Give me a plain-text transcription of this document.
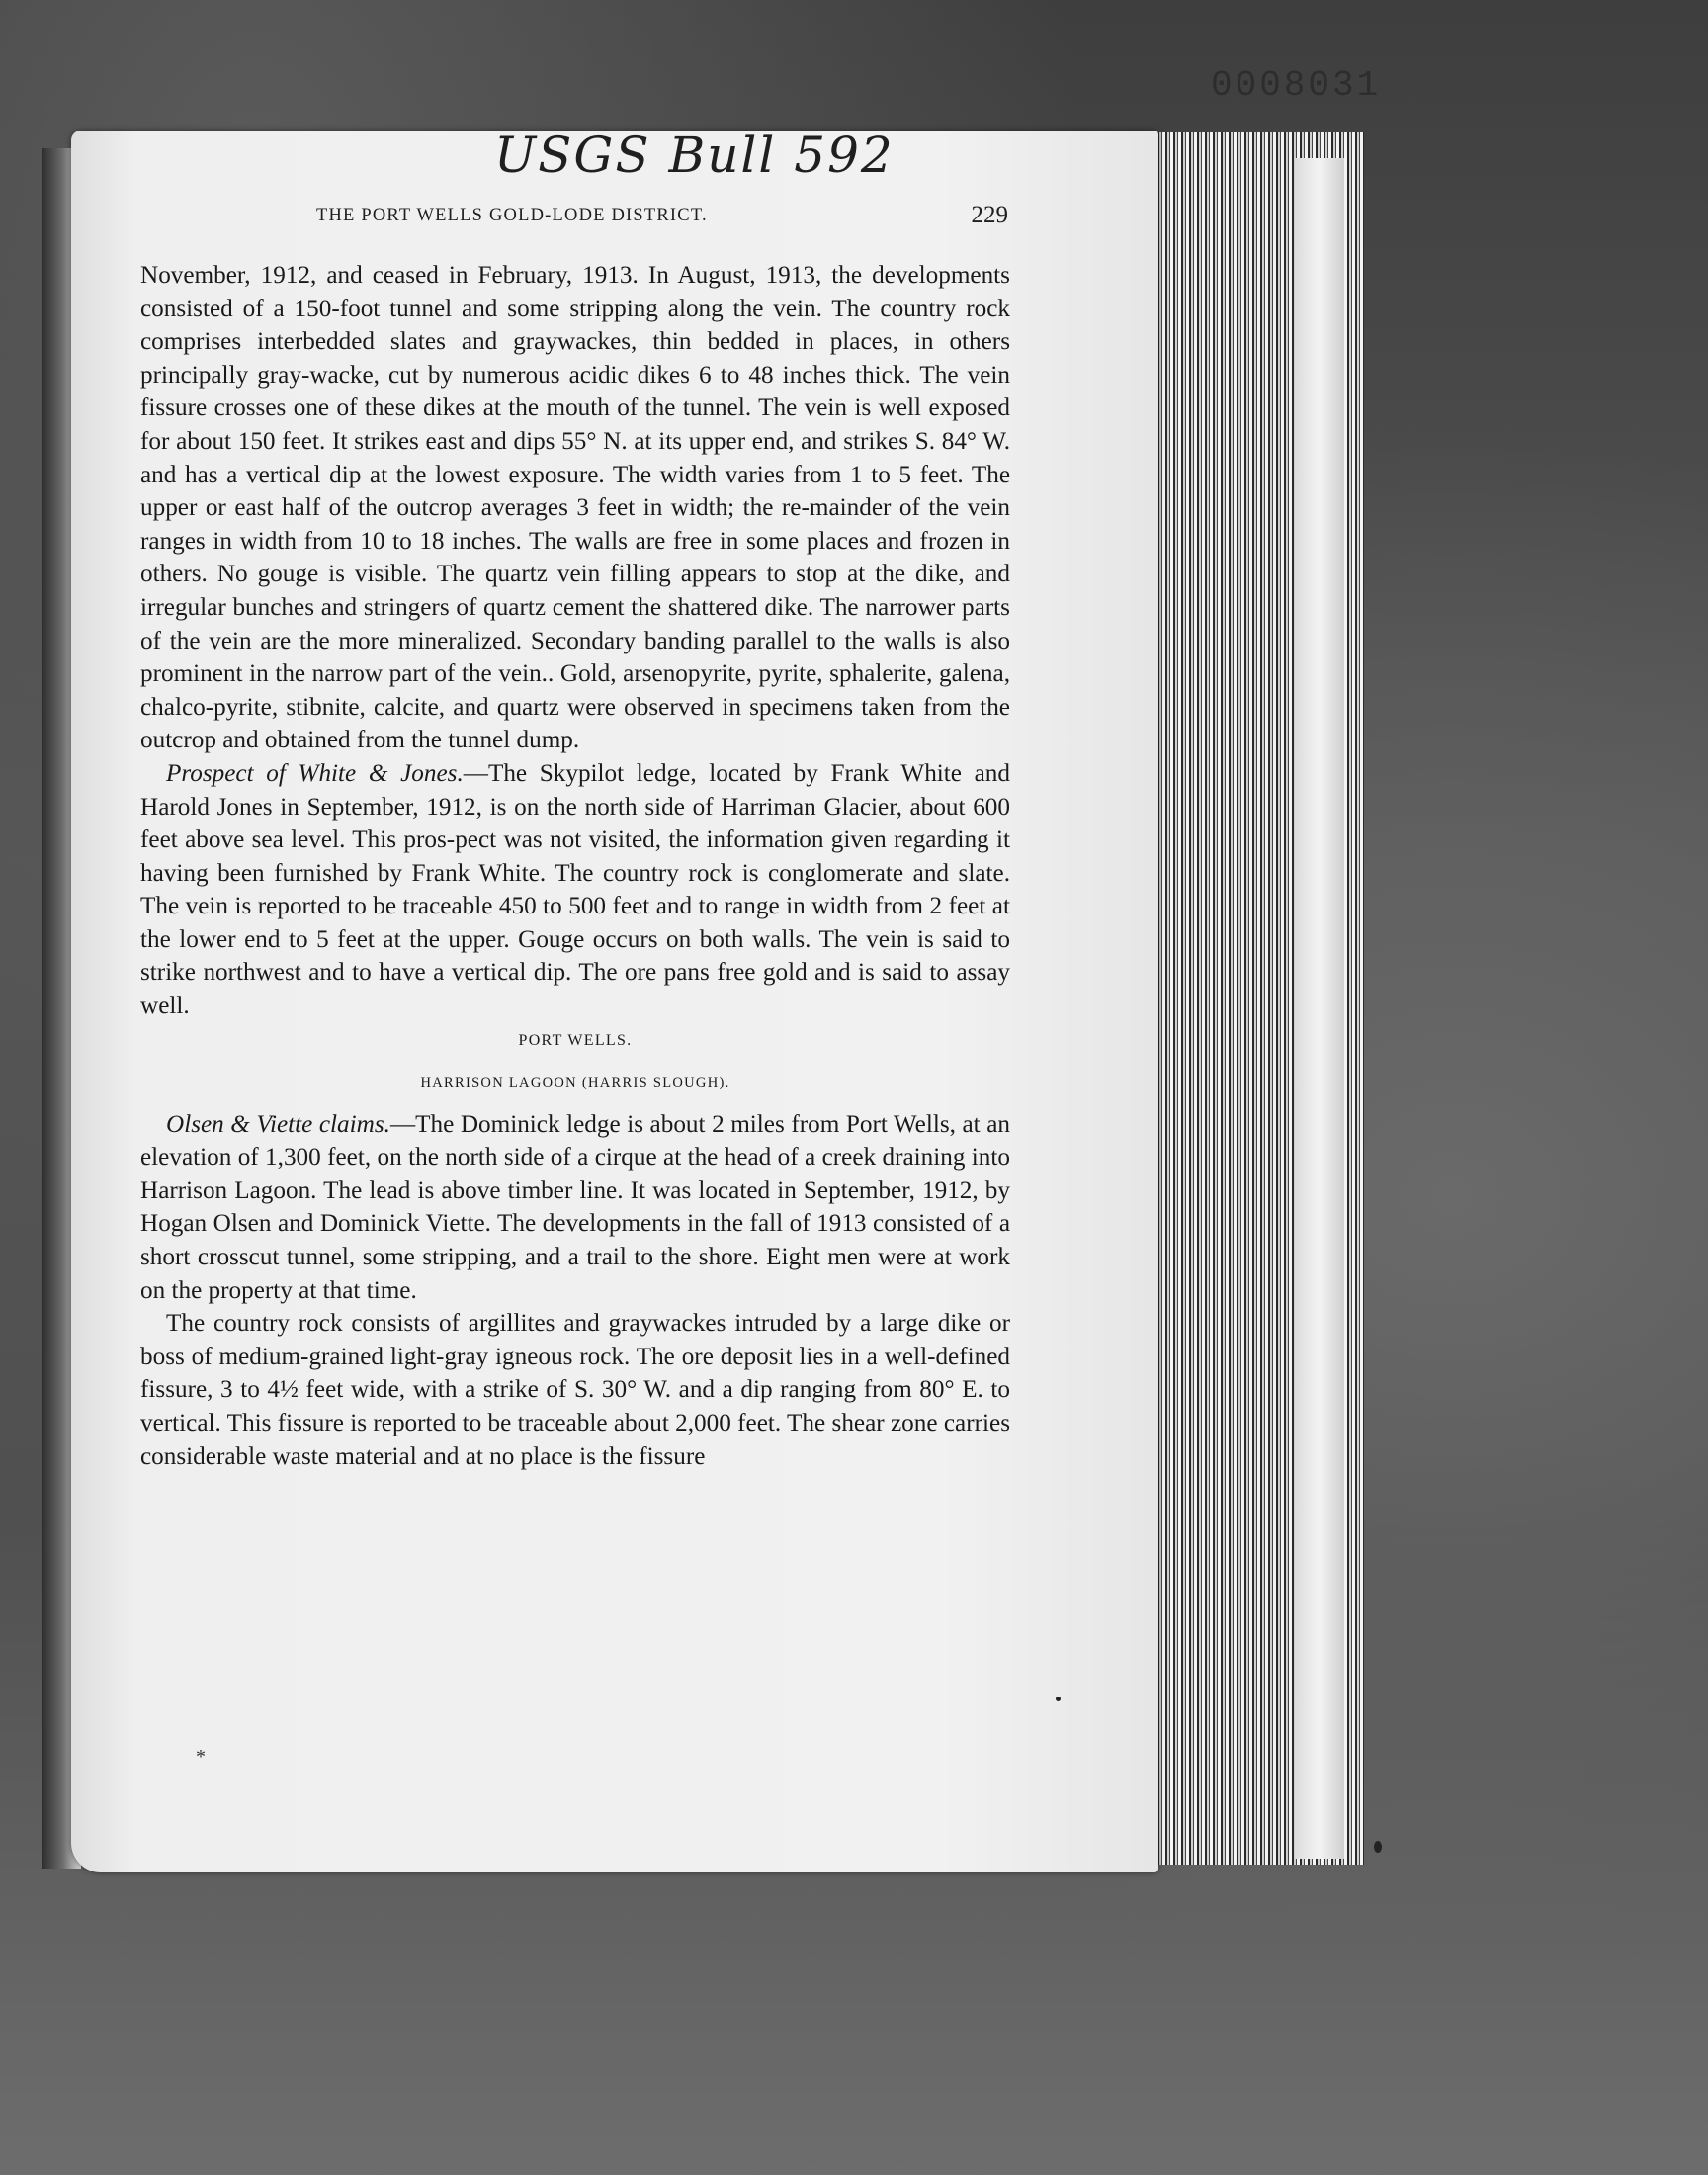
0008031
USGS Bull 592
THE PORT WELLS GOLD-LODE DISTRICT.	229

November, 1912, and ceased in February, 1913. In August, 1913, the developments consisted of a 150-foot tunnel and some stripping along the vein. The country rock comprises interbedded slates and graywackes, thin bedded in places, in others principally gray-wacke, cut by numerous acidic dikes 6 to 48 inches thick. The vein fissure crosses one of these dikes at the mouth of the tunnel. The vein is well exposed for about 150 feet. It strikes east and dips 55° N. at its upper end, and strikes S. 84° W. and has a vertical dip at the lowest exposure. The width varies from 1 to 5 feet. The upper or east half of the outcrop averages 3 feet in width; the re-mainder of the vein ranges in width from 10 to 18 inches. The walls are free in some places and frozen in others. No gouge is visible. The quartz vein filling appears to stop at the dike, and irregular bunches and stringers of quartz cement the shattered dike. The narrower parts of the vein are the more mineralized. Secondary banding parallel to the walls is also prominent in the narrow part of the vein.. Gold, arsenopyrite, pyrite, sphalerite, galena, chalco-pyrite, stibnite, calcite, and quartz were observed in specimens taken from the outcrop and obtained from the tunnel dump.

Prospect of White & Jones.—The Skypilot ledge, located by Frank White and Harold Jones in September, 1912, is on the north side of Harriman Glacier, about 600 feet above sea level. This pros-pect was not visited, the information given regarding it having been furnished by Frank White. The country rock is conglomerate and slate. The vein is reported to be traceable 450 to 500 feet and to range in width from 2 feet at the lower end to 5 feet at the upper. Gouge occurs on both walls. The vein is said to strike northwest and to have a vertical dip. The ore pans free gold and is said to assay well.

PORT WELLS.

HARRISON LAGOON (HARRIS SLOUGH).

Olsen & Viette claims.—The Dominick ledge is about 2 miles from Port Wells, at an elevation of 1,300 feet, on the north side of a cirque at the head of a creek draining into Harrison Lagoon. The lead is above timber line. It was located in September, 1912, by Hogan Olsen and Dominick Viette. The developments in the fall of 1913 consisted of a short crosscut tunnel, some stripping, and a trail to the shore. Eight men were at work on the property at that time.

The country rock consists of argillites and graywackes intruded by a large dike or boss of medium-grained light-gray igneous rock. The ore deposit lies in a well-defined fissure, 3 to 4½ feet wide, with a strike of S. 30° W. and a dip ranging from 80° E. to vertical. This fissure is reported to be traceable about 2,000 feet. The shear zone carries considerable waste material and at no place is the fissure

*
